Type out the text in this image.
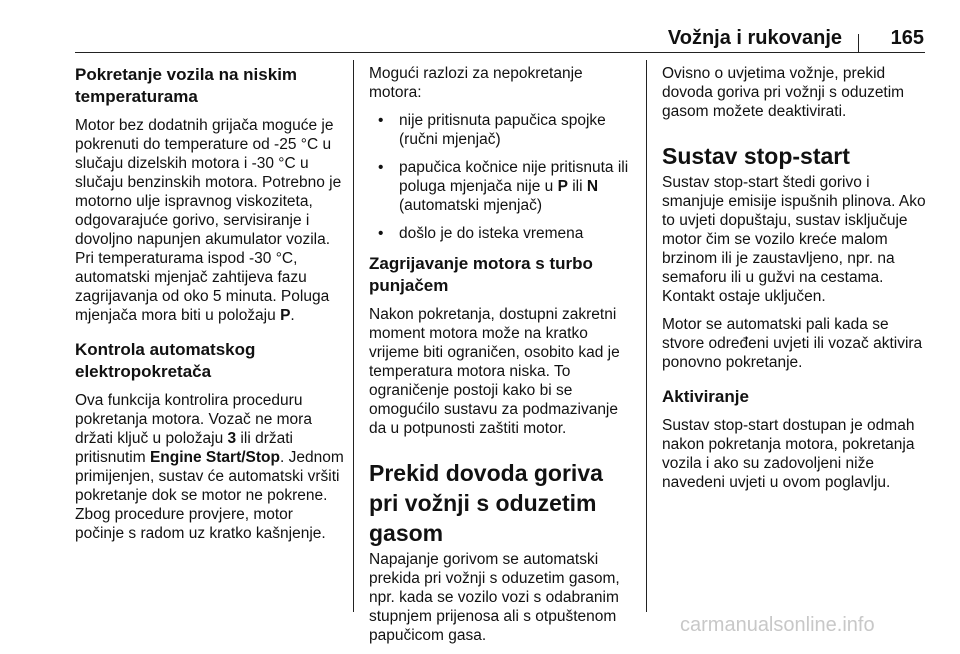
Vožnja i rukovanje 165
Pokretanje vozila na niskim temperaturama

Motor bez dodatnih grijača moguće je pokrenuti do temperature od -25 °C u slučaju dizelskih motora i -30 °C u slučaju benzinskih motora. Potrebno je motorno ulje ispravnog viskoziteta, odgovarajuće gorivo, servisiranje i dovoljno napunjen akumulator vozila. Pri temperaturama ispod -30 °C, automatski mjenjač zahtijeva fazu zagrijavanja od oko 5 minuta. Poluga mjenjača mora biti u položaju P.

Kontrola automatskog elektropokretača

Ova funkcija kontrolira proceduru pokretanja motora. Vozač ne mora držati ključ u položaju 3 ili držati pritisnutim Engine Start/Stop. Jednom primijenjen, sustav će automatski vršiti pokretanje dok se motor ne pokrene. Zbog procedure provjere, motor počinje s radom uz kratko kašnjenje.

Mogući razlozi za nepokretanje motora:

• nije pritisnuta papučica spojke (ručni mjenjač)
• papučica kočnice nije pritisnuta ili poluga mjenjača nije u P ili N (automatski mjenjač)
• došlo je do isteka vremena
Zagrijavanje motora s turbo punjačem

Nakon pokretanja, dostupni zakretni moment motora može na kratko vrijeme biti ograničen, osobito kad je temperatura motora niska. To ograničenje postoji kako bi se omogućilo sustavu za podmazivanje da u potpunosti zaštiti motor.

Prekid dovoda goriva pri vožnji s oduzetim gasom

Napajanje gorivom se automatski prekida pri vožnji s oduzetim gasom, npr. kada se vozilo vozi s odabranim stupnjem prijenosa ali s otpuštenom papučicom gasa.

Ovisno o uvjetima vožnje, prekid dovoda goriva pri vožnji s oduzetim gasom možete deaktivirati.

Sustav stop-start

Sustav stop-start štedi gorivo i smanjuje emisije ispušnih plinova. Ako to uvjeti dopuštaju, sustav isključuje motor čim se vozilo kreće malom brzinom ili je zaustavljeno, npr. na semaforu ili u gužvi na cestama. Kontakt ostaje uključen.

Motor se automatski pali kada se stvore određeni uvjeti ili vozač aktivira ponovno pokretanje.

Aktiviranje

Sustav stop-start dostupan je odmah nakon pokretanja motora, pokretanja vozila i ako su zadovoljeni niže navedeni uvjeti u ovom poglavlju.

carmanualsonline.info
